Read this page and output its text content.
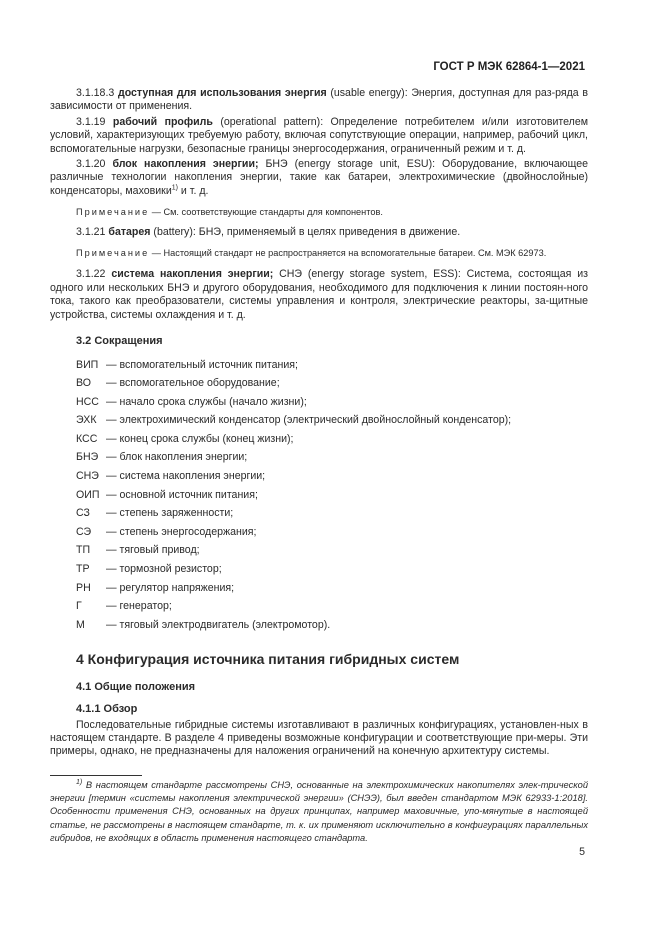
ГОСТ Р МЭК 62864-1—2021

3.1.18.3 доступная для использования энергия (usable energy): Энергия, доступная для раз-ряда в зависимости от применения.

3.1.19 рабочий профиль (operational pattern): Определение потребителем и/или изготовителем условий, характеризующих требуемую работу, включая сопутствующие операции, например, рабочий цикл, вспомогательные нагрузки, безопасные границы энергосодержания, ограниченный режим и т. д.

3.1.20 блок накопления энергии; БНЭ (energy storage unit, ESU): Оборудование, включающее различные технологии накопления энергии, такие как батареи, электрохимические (двойнослойные) конденсаторы, маховики$^{1)}$ и т. д.

Примечание — См. соответствующие стандарты для компонентов.

3.1.21 батарея (battery): БНЭ, применяемый в целях приведения в движение.

Примечание — Настоящий стандарт не распространяется на вспомогательные батареи. См. МЭК 62973.

3.1.22 система накопления энергии; СНЭ (energy storage system, ESS): Система, состоящая из одного или нескольких БНЭ и другого оборудования, необходимого для подключения к линии постоян-ного тока, такого как преобразователи, системы управления и контроля, электрические реакторы, за-щитные устройства, системы охлаждения и т. д.

3.2 Сокращения
ВИП — вспомогательный источник питания;
ВО	— вспомогательное оборудование;
НСС — начало срока службы (начало жизни);
ЭХК — электрохимический конденсатор (электрический двойнослойный конденсатор);
КСС — конец срока службы (конец жизни);
БНЭ — блок накопления энергии;
СНЭ — система накопления энергии;
ОИП — основной источник питания;
СЗ	— степень заряженности;
СЭ	— степень энергосодержания;
ТП	— тяговый привод;
ТР	— тормозной резистор;
РН	— регулятор напряжения;
Г	— генератор;
М	— тяговый электродвигатель (электромотор).
4 Конфигурация источника питания гибридных систем
4.1 Общие положения
4.1.1 Обзор

Последовательные гибридные системы изготавливают в различных конфигурациях, установлен-ных в настоящем стандарте. В разделе 4 приведены возможные конфигурации и соответствующие при-меры. Эти примеры, однако, не предназначены для наложения ограничений на конечную архитектуру системы.

$^{1)}$ В настоящем стандарте рассмотрены СНЭ, основанные на электрохимических накопителях элек-трической энергии [термин «системы накопления электрической энергии» (СНЭЭ), был введен стандартом МЭК 62933-1:2018]. Особенности применения СНЭ, основанных на других принципах, например маховичные, упо-мянутые в настоящей статье, не рассмотрены в настоящем стандарте, т. к. их применяют исключительно в конфигурациях параллельных гибридов, не входящих в область применения настоящего стандарта.

5
